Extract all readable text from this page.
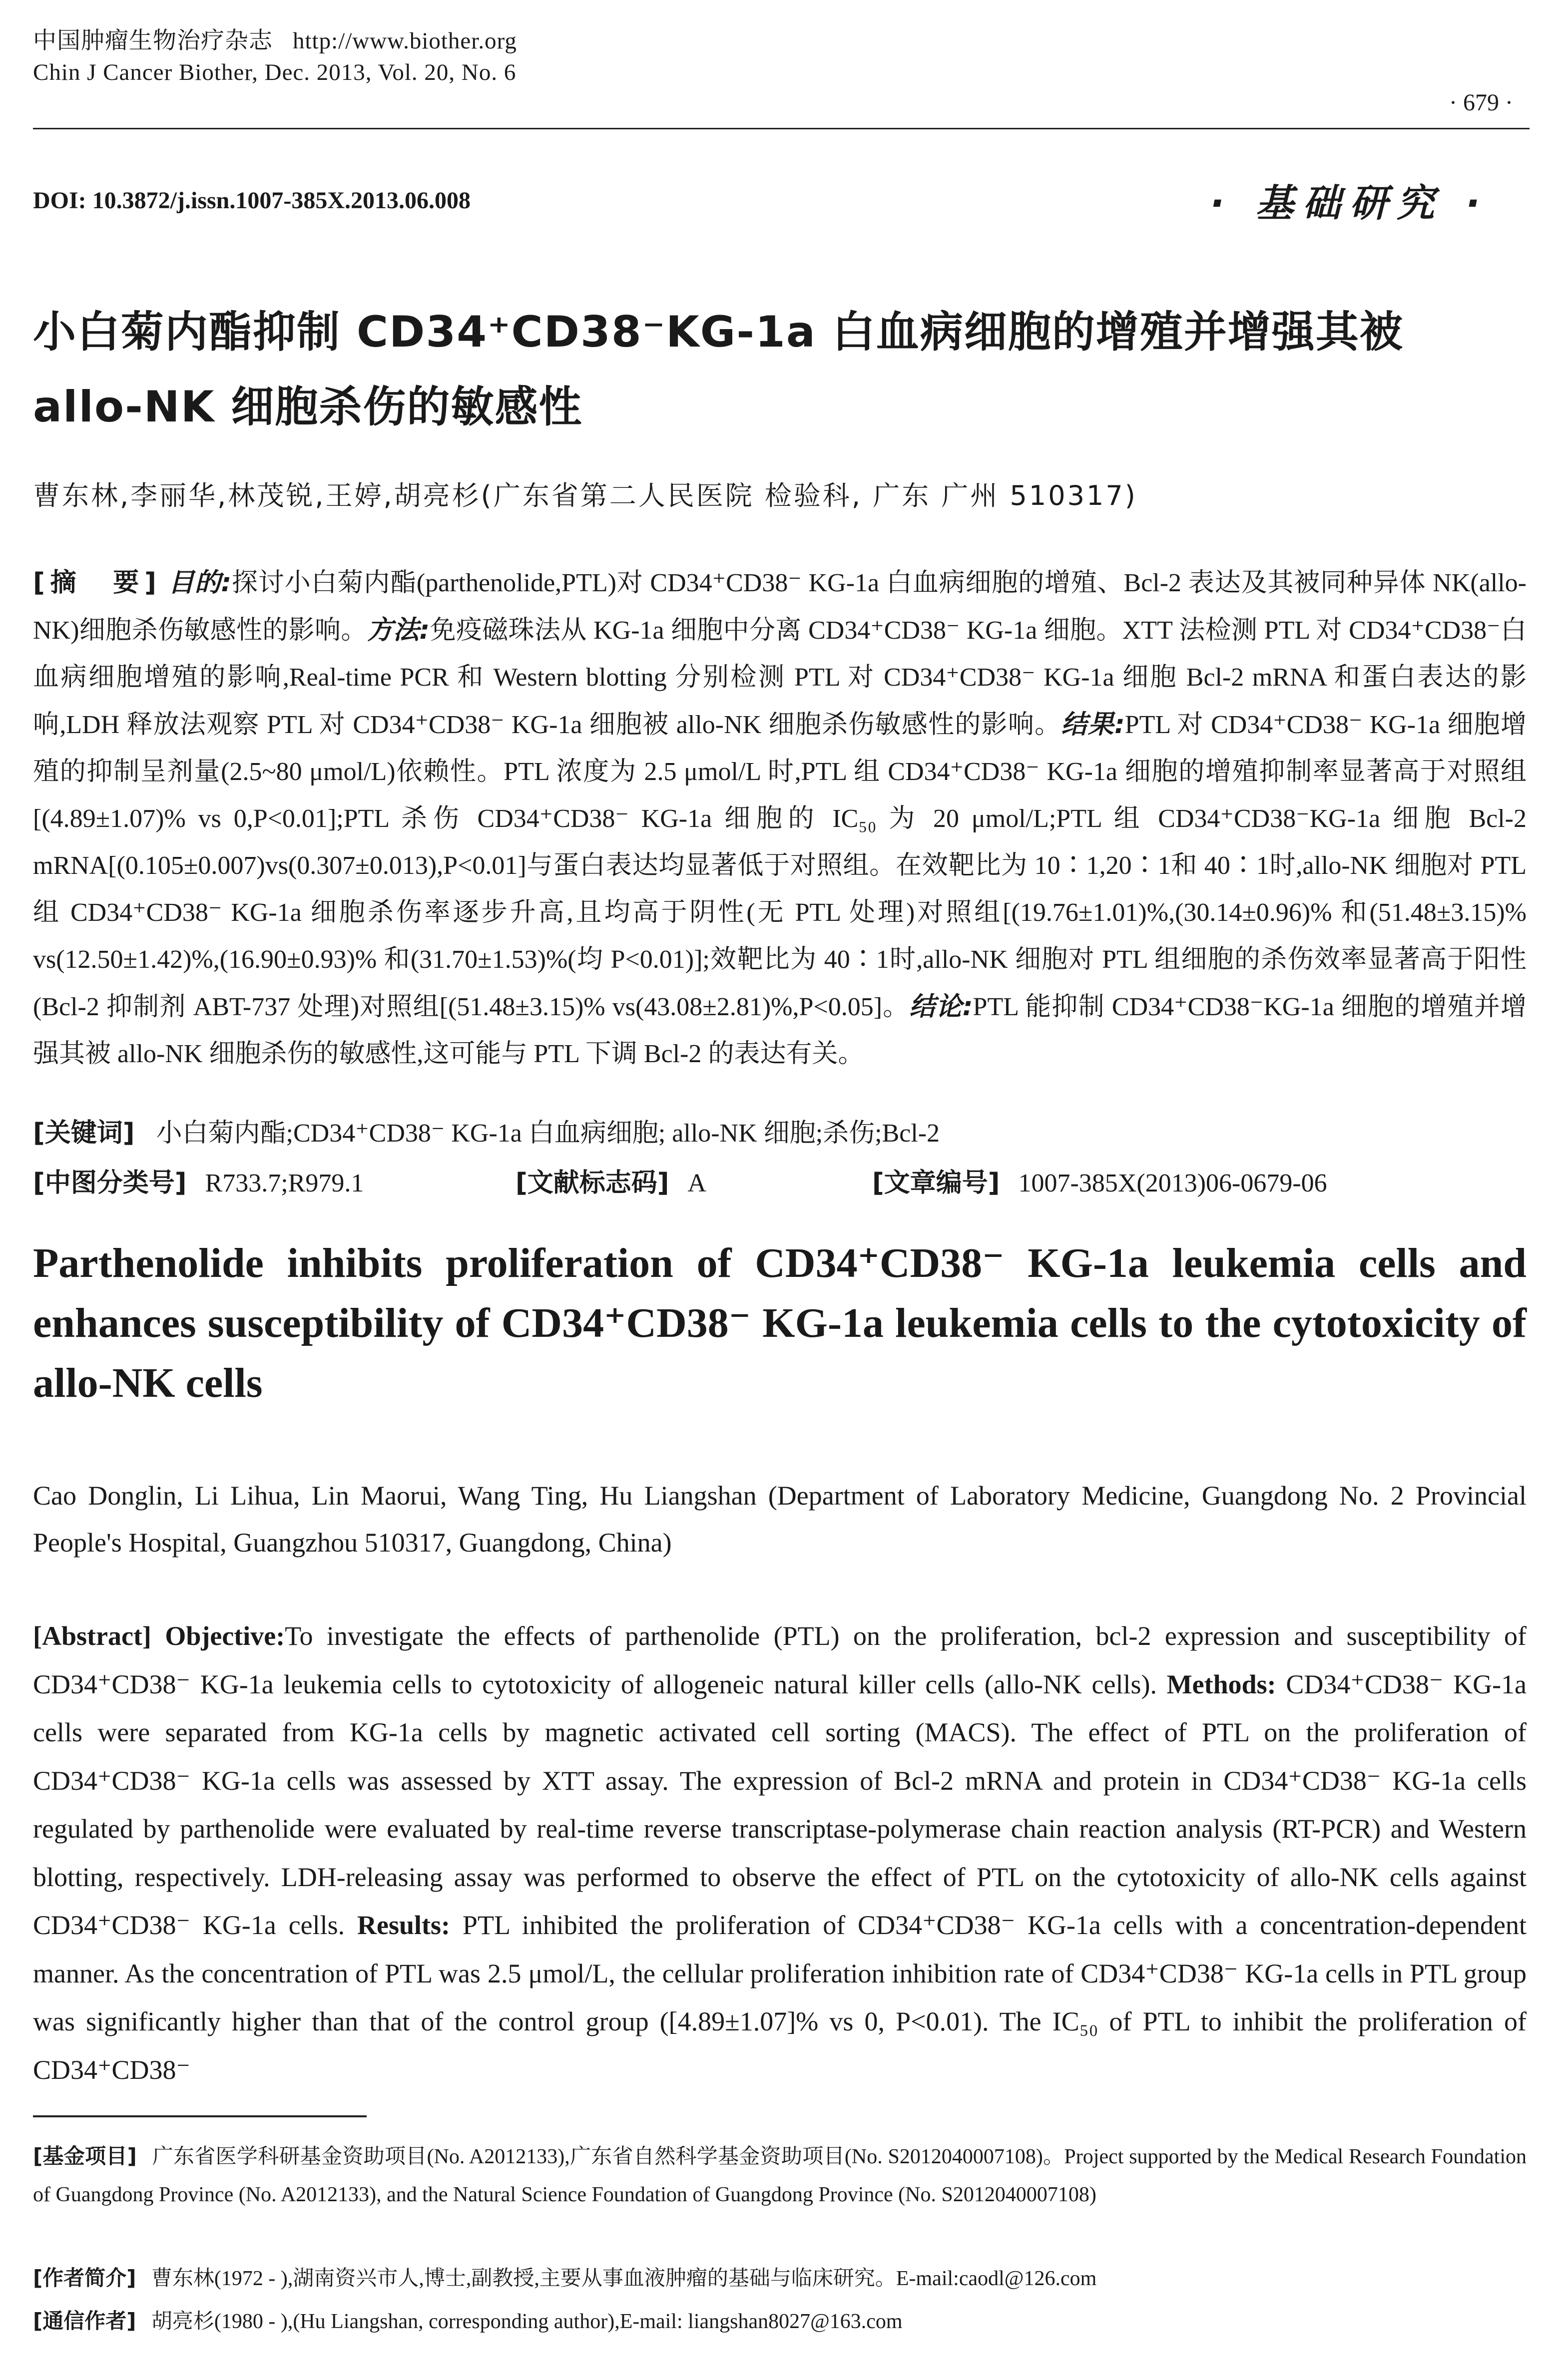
中国肿瘤生物治疗杂志 http://www.biother.org
Chin J Cancer Biother, Dec. 2013, Vol. 20, No. 6
· 679 ·
DOI: 10.3872/j.issn.1007-385X.2013.06.008	· 基础研究 ·
小白菊内酯抑制 CD34⁺CD38⁻KG-1a 白血病细胞的增殖并增强其被 allo-NK 细胞杀伤的敏感性
曹东林,李丽华,林茂锐,王婷,胡亮杉(广东省第二人民医院 检验科, 广东 广州 510317)
[摘　要] 目的:探讨小白菊内酯(parthenolide,PTL)对 CD34⁺CD38⁻ KG-1a 白血病细胞的增殖、Bcl-2 表达及其被同种异体 NK(allo-NK)细胞杀伤敏感性的影响。方法:免疫磁珠法从 KG-1a 细胞中分离 CD34⁺CD38⁻ KG-1a 细胞。XTT 法检测 PTL 对 CD34⁺CD38⁻白血病细胞增殖的影响,Real-time PCR 和 Western blotting 分别检测 PTL 对 CD34⁺CD38⁻ KG-1a 细胞 Bcl-2 mRNA 和蛋白表达的影响,LDH 释放法观察 PTL 对 CD34⁺CD38⁻ KG-1a 细胞被 allo-NK 细胞杀伤敏感性的影响。结果:PTL 对 CD34⁺CD38⁻ KG-1a 细胞增殖的抑制呈剂量(2.5~80 μmol/L)依赖性。PTL 浓度为 2.5 μmol/L 时,PTL 组 CD34⁺CD38⁻ KG-1a 细胞的增殖抑制率显著高于对照组[(4.89±1.07)% vs 0,P<0.01];PTL 杀伤 CD34⁺CD38⁻ KG-1a 细胞的 IC₅₀ 为 20 μmol/L;PTL 组 CD34⁺CD38⁻KG-1a 细胞 Bcl-2 mRNA[(0.105±0.007)vs(0.307±0.013),P<0.01]与蛋白表达均显著低于对照组。在效靶比为 10∶1,20∶1和 40∶1时,allo-NK 细胞对 PTL 组 CD34⁺CD38⁻ KG-1a 细胞杀伤率逐步升高,且均高于阴性(无 PTL 处理)对照组[(19.76±1.01)%,(30.14±0.96)% 和(51.48±3.15)% vs(12.50±1.42)%,(16.90±0.93)% 和(31.70±1.53)%(均 P<0.01)];效靶比为 40∶1时,allo-NK 细胞对 PTL 组细胞的杀伤效率显著高于阳性(Bcl-2 抑制剂 ABT-737 处理)对照组[(51.48±3.15)% vs(43.08±2.81)%,P<0.05]。结论:PTL 能抑制 CD34⁺CD38⁻KG-1a 细胞的增殖并增强其被 allo-NK 细胞杀伤的敏感性,这可能与 PTL 下调 Bcl-2 的表达有关。
[关键词] 小白菊内酯;CD34⁺CD38⁻ KG-1a 白血病细胞; allo-NK 细胞;杀伤;Bcl-2
[中图分类号] R733.7;R979.1	[文献标志码] A	[文章编号] 1007-385X(2013)06-0679-06
Parthenolide inhibits proliferation of CD34⁺CD38⁻ KG-1a leukemia cells and enhances susceptibility of CD34⁺CD38⁻ KG-1a leukemia cells to the cytotoxicity of allo-NK cells
Cao Donglin, Li Lihua, Lin Maorui, Wang Ting, Hu Liangshan (Department of Laboratory Medicine, Guangdong No. 2 Provincial People's Hospital, Guangzhou 510317, Guangdong, China)
[Abstract] Objective:To investigate the effects of parthenolide (PTL) on the proliferation, bcl-2 expression and susceptibility of CD34⁺CD38⁻ KG-1a leukemia cells to cytotoxicity of allogeneic natural killer cells (allo-NK cells). Methods: CD34⁺CD38⁻ KG-1a cells were separated from KG-1a cells by magnetic activated cell sorting (MACS). The effect of PTL on the proliferation of CD34⁺CD38⁻ KG-1a cells was assessed by XTT assay. The expression of Bcl-2 mRNA and protein in CD34⁺CD38⁻ KG-1a cells regulated by parthenolide were evaluated by real-time reverse transcriptase-polymerase chain reaction analysis (RT-PCR) and Western blotting, respectively. LDH-releasing assay was performed to observe the effect of PTL on the cytotoxicity of allo-NK cells against CD34⁺CD38⁻ KG-1a cells. Results: PTL inhibited the proliferation of CD34⁺CD38⁻ KG-1a cells with a concentration-dependent manner. As the concentration of PTL was 2.5 μmol/L, the cellular proliferation inhibition rate of CD34⁺CD38⁻ KG-1a cells in PTL group was significantly higher than that of the control group ([4.89±1.07]% vs 0, P<0.01). The IC₅₀ of PTL to inhibit the proliferation of CD34⁺CD38⁻
[基金项目] 广东省医学科研基金资助项目(No. A2012133),广东省自然科学基金资助项目(No. S2012040007108)。Project supported by the Medical Research Foundation of Guangdong Province (No. A2012133), and the Natural Science Foundation of Guangdong Province (No. S2012040007108)
[作者简介] 曹东林(1972 - ),湖南资兴市人,博士,副教授,主要从事血液肿瘤的基础与临床研究。E-mail:caodl@126.com
[通信作者] 胡亮杉(1980 - ),(Hu Liangshan, corresponding author),E-mail: liangshan8027@163.com
